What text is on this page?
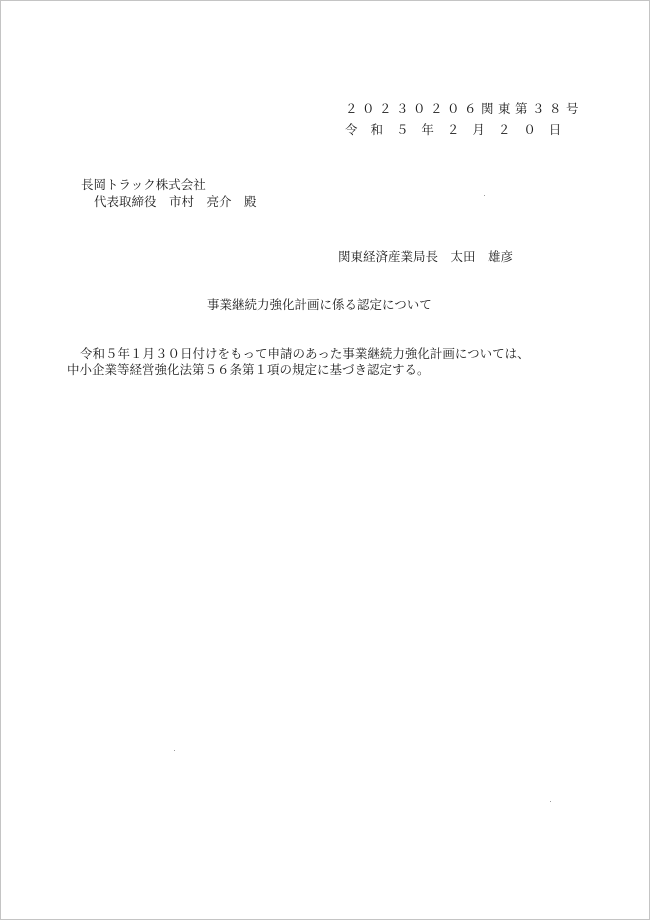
２０２３０２０６関東第３８号
令 和 ５ 年 ２ 月 ２ ０ 日
長岡トラック株式会社
代表取締役　市村　亮介　殿
関東経済産業局長　太田　雄彦
事業継続力強化計画に係る認定について

令和５年１月３０日付けをもって申請のあった事業継続力強化計画については、

中小企業等経営強化法第５６条第１項の規定に基づき認定する。
